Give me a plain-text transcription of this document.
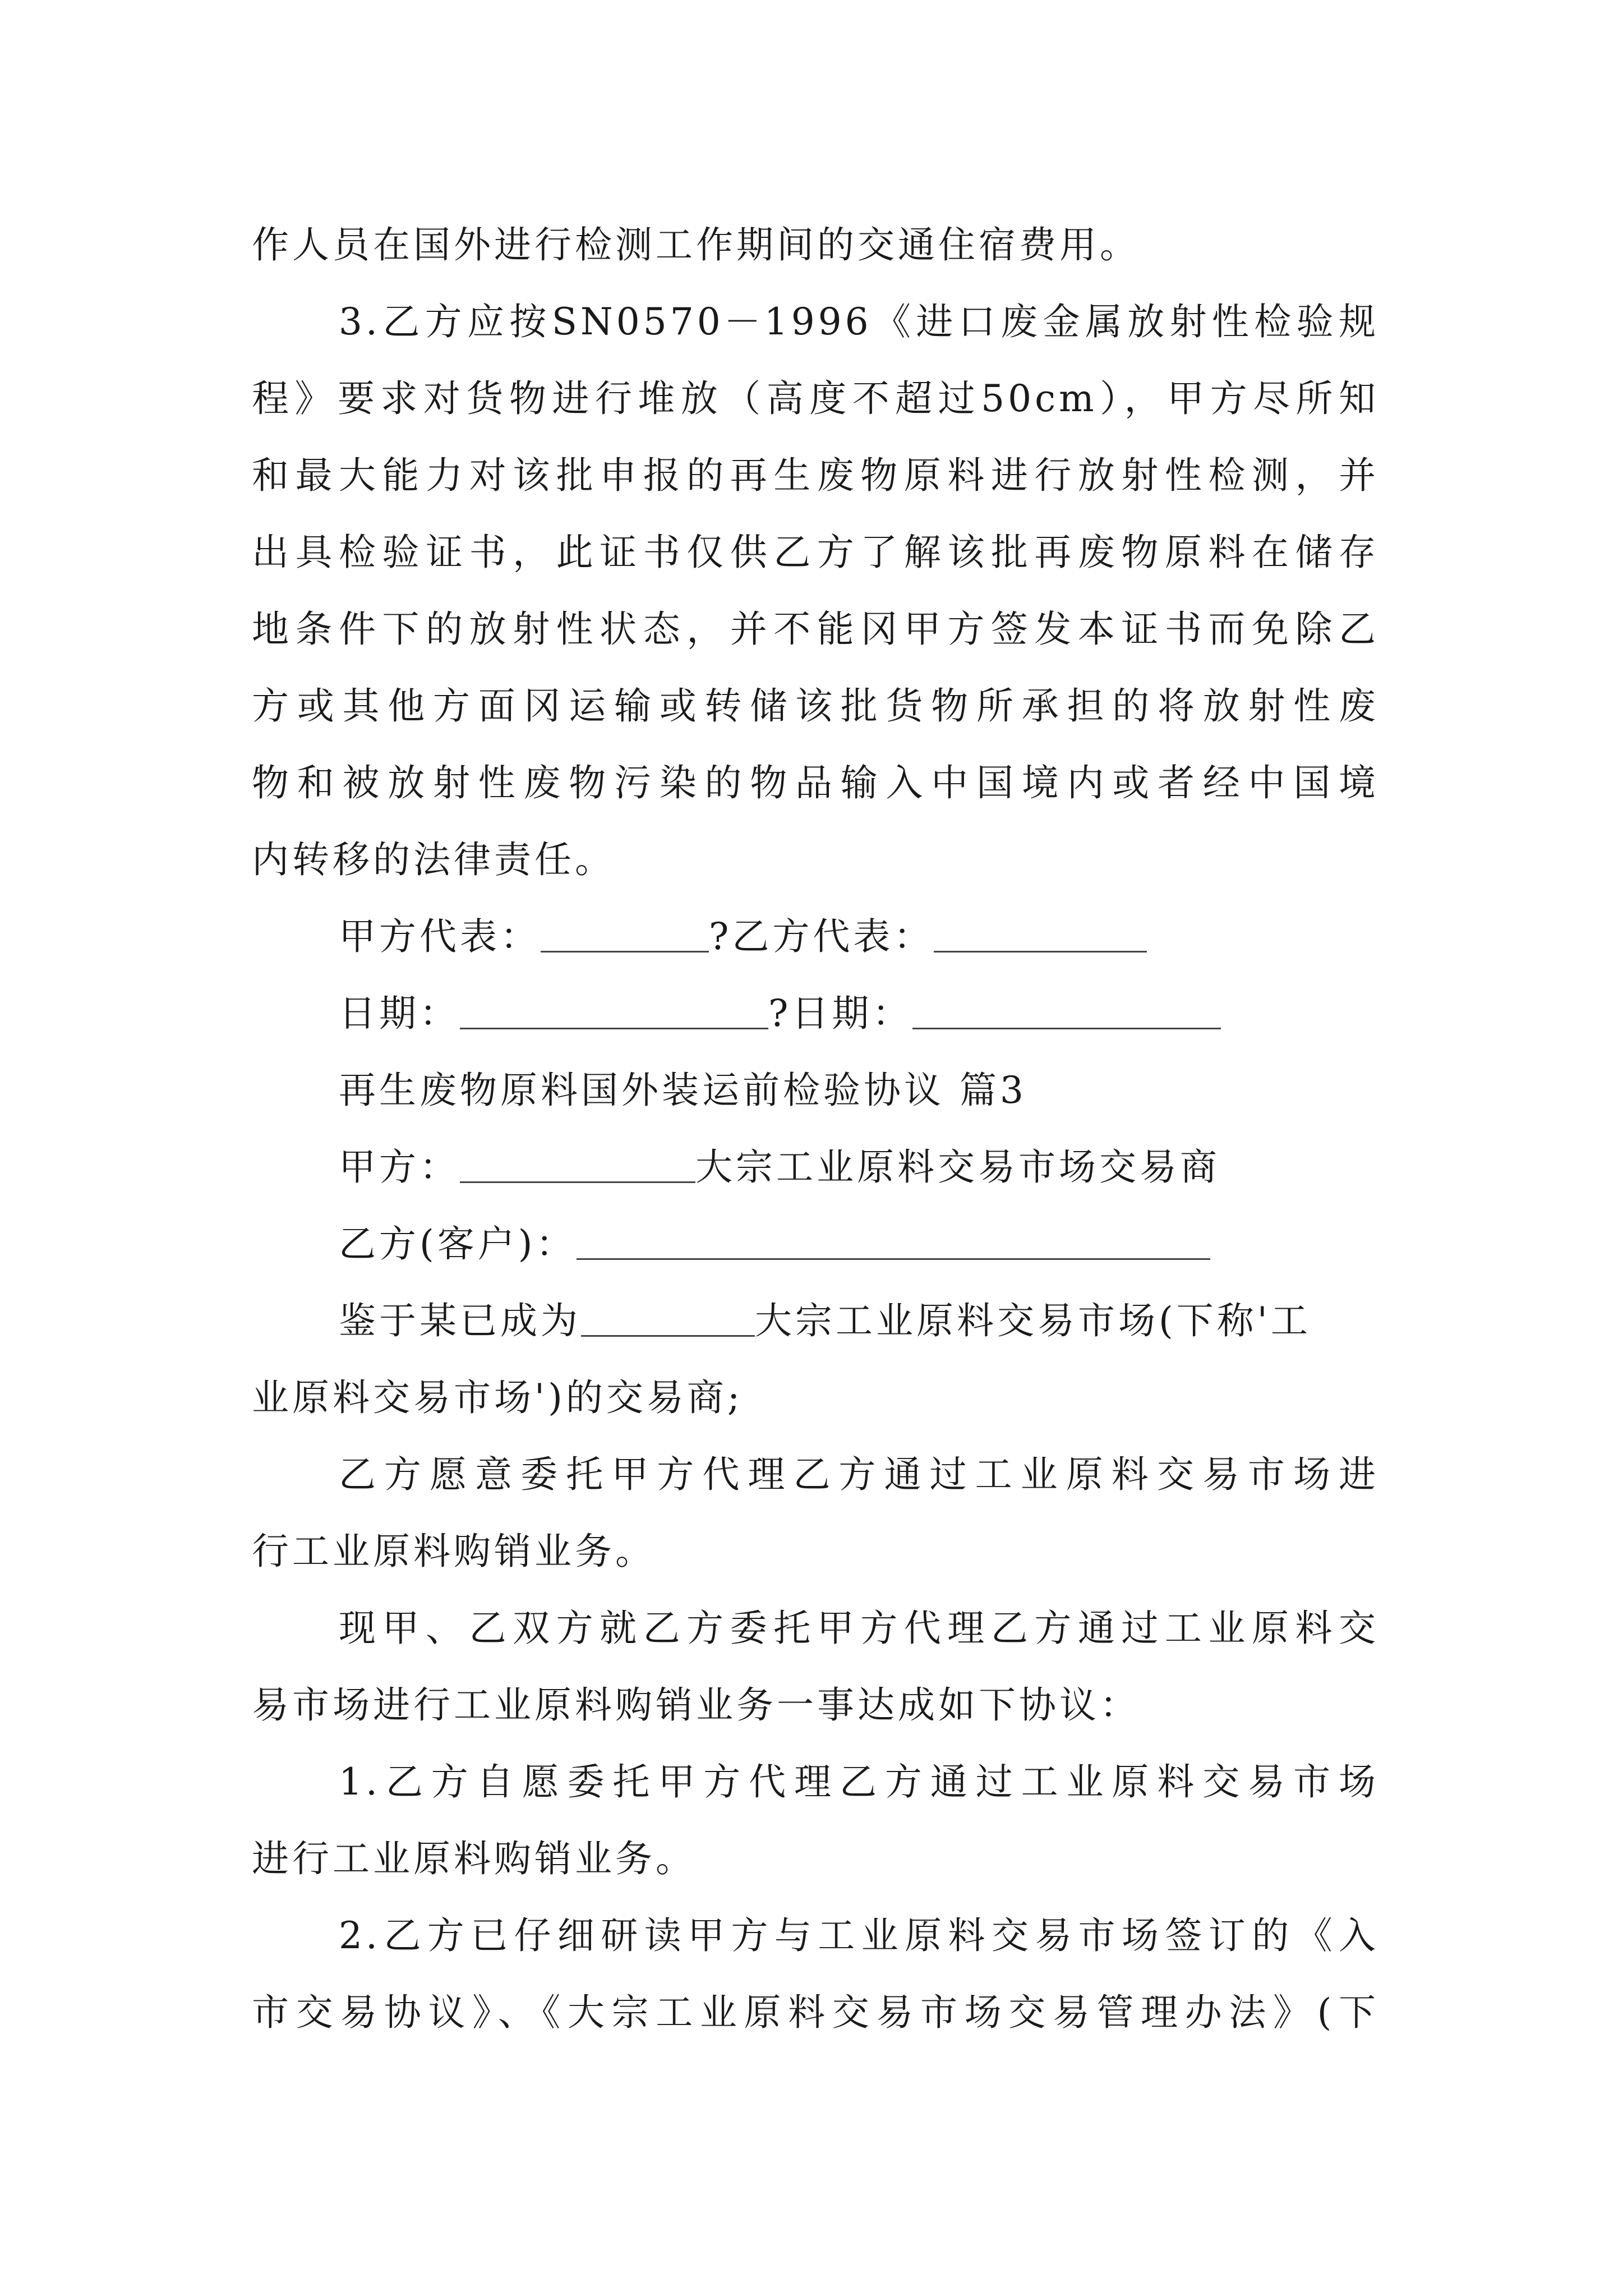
作人员在国外进行检测工作期间的交通住宿费用。
3.乙方应按SN0570－1996《进口废金属放射性检验规
程》要求对货物进行堆放（高度不超过50cm），甲方尽所知
和最大能力对该批申报的再生废物原料进行放射性检测，并
出具检验证书，此证书仅供乙方了解该批再废物原料在储存
地条件下的放射性状态，并不能冈甲方签发本证书而免除乙
方或其他方面冈运输或转储该批货物所承担的将放射性废
物和被放射性废物污染的物品输入中国境内或者经中国境
内转移的法律责任。
甲方代表：	?乙方代表：
日期：	?日期：
再生废物原料国外装运前检验协议 篇3
甲方：	大宗工业原料交易市场交易商
乙方(客户)：
鉴于某已成为	大宗工业原料交易市场(下称'工
业原料交易市场')的交易商;
乙方愿意委托甲方代理乙方通过工业原料交易市场进
行工业原料购销业务。
现甲、乙双方就乙方委托甲方代理乙方通过工业原料交
易市场进行工业原料购销业务一事达成如下协议：
1.乙方自愿委托甲方代理乙方通过工业原料交易市场
进行工业原料购销业务。
2.乙方已仔细研读甲方与工业原料交易市场签订的《入
市交易协议》、《大宗工业原料交易市场交易管理办法》(下
